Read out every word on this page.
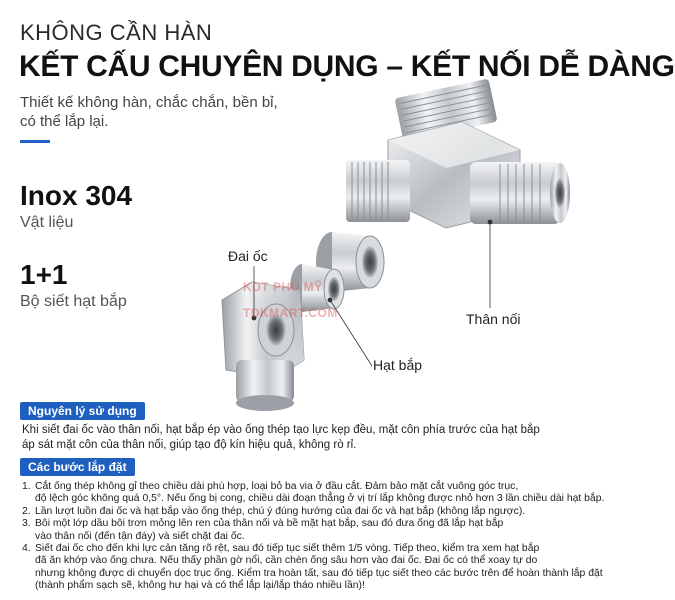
KHÔNG CẦN HÀN
KẾT CẤU CHUYÊN DỤNG – KẾT NỐI DỄ DÀNG
Thiết kế không hàn, chắc chắn, bền bỉ,
có thể lắp lại.
Inox 304
Vật liệu
1+1
Bộ siết hạt bắp
KDT PHÚ MỸ
TDKMART.COM
Đai ốc
Hạt bắp
Thân nối
Nguyên lý sử dụng
Khi siết đai ốc vào thân nối, hạt bắp ép vào ống thép tạo lực kẹp đều, mặt côn phía trước của hạt bắp
áp sát mặt côn của thân nối, giúp tạo độ kín hiệu quả, không rò rỉ.
Các bước lắp đặt
1. Cắt ống thép không gỉ theo chiều dài phù hợp, loại bỏ ba via ở đầu cắt. Đảm bảo mặt cắt vuông góc trục,
độ lệch góc không quá 0,5°. Nếu ống bị cong, chiều dài đoạn thẳng ở vị trí lắp không được nhỏ hơn 3 lần chiều dài hạt bắp.
2. Lần lượt luồn đai ốc và hạt bắp vào ống thép, chú ý đúng hướng của đai ốc và hạt bắp (không lắp ngược).
3. Bôi một lớp dầu bôi trơn mỏng lên ren của thân nối và bề mặt hạt bắp, sau đó đưa ống đã lắp hạt bắp
vào thân nối (đến tận đáy) và siết chặt đai ốc.
4. Siết đai ốc cho đến khi lực cản tăng rõ rệt, sau đó tiếp tục siết thêm 1/5 vòng. Tiếp theo, kiểm tra xem hạt bắp
đã ăn khớp vào ống chưa. Nếu thấy phần gờ nổi, cần chèn ống sâu hơn vào đai ốc. Đai ốc có thể xoay tự do
nhưng không được di chuyển dọc trục ống. Kiểm tra hoàn tất, sau đó tiếp tục siết theo các bước trên để hoàn thành lắp đặt
(thành phẩm sạch sẽ, không hư hại và có thể lắp lại/lắp tháo nhiều lần)!
